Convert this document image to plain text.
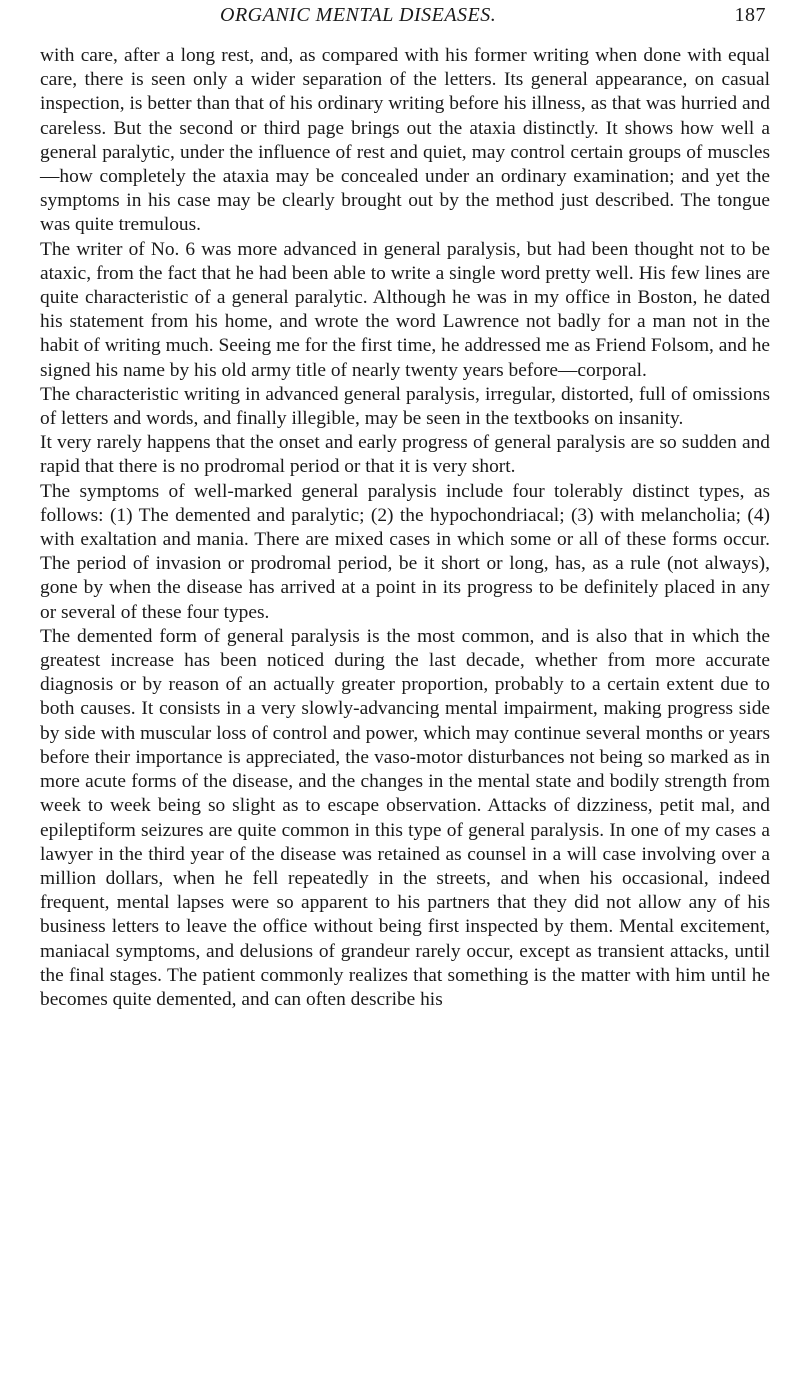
ORGANIC MENTAL DISEASES.	187

with care, after a long rest, and, as compared with his former writing when done with equal care, there is seen only a wider separation of the letters. Its general appearance, on casual inspection, is better than that of his ordinary writing before his illness, as that was hurried and careless. But the second or third page brings out the ataxia distinctly. It shows how well a general paralytic, under the influence of rest and quiet, may control certain groups of muscles—how completely the ataxia may be concealed under an ordinary examination; and yet the symptoms in his case may be clearly brought out by the method just described. The tongue was quite tremulous.

The writer of No. 6 was more advanced in general paralysis, but had been thought not to be ataxic, from the fact that he had been able to write a single word pretty well. His few lines are quite characteristic of a general paralytic. Although he was in my office in Boston, he dated his statement from his home, and wrote the word Lawrence not badly for a man not in the habit of writing much. Seeing me for the first time, he addressed me as Friend Folsom, and he signed his name by his old army title of nearly twenty years before—corporal.

The characteristic writing in advanced general paralysis, irregular, distorted, full of omissions of letters and words, and finally illegible, may be seen in the textbooks on insanity.

It very rarely happens that the onset and early progress of general paralysis are so sudden and rapid that there is no prodromal period or that it is very short.

The symptoms of well-marked general paralysis include four tolerably distinct types, as follows: (1) The demented and paralytic; (2) the hypochondriacal; (3) with melancholia; (4) with exaltation and mania. There are mixed cases in which some or all of these forms occur. The period of invasion or prodromal period, be it short or long, has, as a rule (not always), gone by when the disease has arrived at a point in its progress to be definitely placed in any or several of these four types.

The demented form of general paralysis is the most common, and is also that in which the greatest increase has been noticed during the last decade, whether from more accurate diagnosis or by reason of an actually greater proportion, probably to a certain extent due to both causes. It consists in a very slowly-advancing mental impairment, making progress side by side with muscular loss of control and power, which may continue several months or years before their importance is appreciated, the vaso-motor disturbances not being so marked as in more acute forms of the disease, and the changes in the mental state and bodily strength from week to week being so slight as to escape observation. Attacks of dizziness, petit mal, and epileptiform seizures are quite common in this type of general paralysis. In one of my cases a lawyer in the third year of the disease was retained as counsel in a will case involving over a million dollars, when he fell repeatedly in the streets, and when his occasional, indeed frequent, mental lapses were so apparent to his partners that they did not allow any of his business letters to leave the office without being first inspected by them. Mental excitement, maniacal symptoms, and delusions of grandeur rarely occur, except as transient attacks, until the final stages. The patient commonly realizes that something is the matter with him until he becomes quite demented, and can often describe his
